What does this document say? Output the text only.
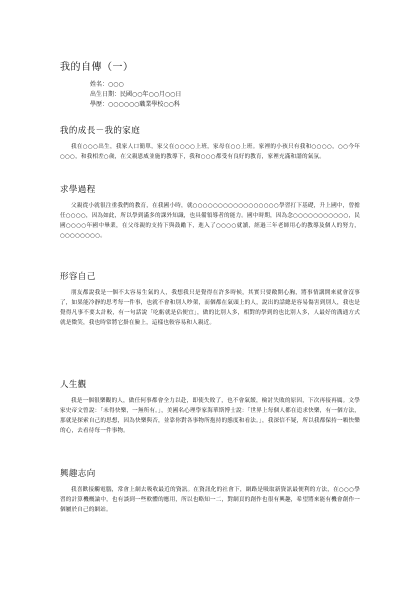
我的自傳（一）
姓名：○○○
出生日期：民國○○年○○月○○日
學歷：○○○○○○職業學校○○科
我的成長－我的家庭

我在○○○出生，我家人口簡單，家父在○○○○上班，家母在○○上班。家裡的小孩只有我和○○○○，○○今年○○○，和我相差○歲，在父親恩威並施的教導下，我和○○○都受有良好的教育，家裡充滿和諧的氣氛。

求學過程

父親從小就很注重我們的教育，在我國小時，就○○○○○○○○○○○○○○○○○學習打下基礎，升上國中，曾擔任○○○○，因為如此，所以學到滿多的課外知識，也具備領導者的能力。國中時期，因為念○○○○○○○○○○○，民國○○○○年國中畢業，在父母親的支持下與鼓勵下，進入了○○○○就讀，經過三年老師用心的教導及個人的努力，○○○○○○○○。

形容自己

朋友都說我是一個不太容易生氣的人，我想我只是覺得在許多時候，其實只要敞開心胸，將事情講開來就會沒事了，如果能冷靜的思考每一件事，也就不會和別人吵架，而個都在氣頭上的人，說出的話總是容易傷害到別人，我也是覺得凡事不要太計較，有一句話說「吃虧就是佔便宜」，做的比別人多，相對的學到的也比別人多，人最好的溝通方式就是微笑，我也時常將它掛在臉上，這樣也較容易和人親近。

人生觀

我是一個很樂觀的人，做任何事都會全力以赴，即使失敗了，也不會氣餒，檢討失敗的原因，下次再接再厲。文學家史帝文曾說：「未得快樂，一無所有。」，美國名心理學家海華斯博士說：「世界上每個人都在追求快樂，有一個方法，那就是探索自己的思想，因為快樂與否，並靠你對各事物所抱持的態度和看法。」，我深信不疑，所以我都保持一顆快樂的心，去看待每一件事物。

興趣志向

我喜歡接觸電腦，常會上網去吸收最近的資訊。在資訊化的社會下，網路是吸取新資訊最便利的方法，在○○○學習的計算機概論中，也有談到一些軟體的應用，所以也略知一二，對網頁的創作也很有興趣，希望將來能有機會創作一個屬於自己的網站。
